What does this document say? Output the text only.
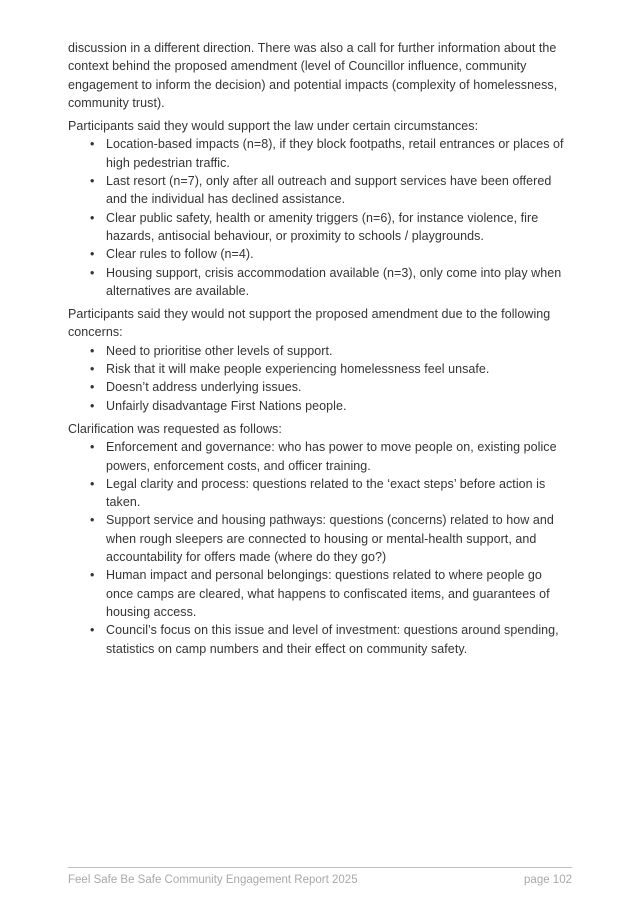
discussion in a different direction. There was also a call for further information about the context behind the proposed amendment (level of Councillor influence, community engagement to inform the decision) and potential impacts (complexity of homelessness, community trust).

Participants said they would support the law under certain circumstances:

• Location-based impacts (n=8), if they block footpaths, retail entrances or places of high pedestrian traffic.
• Last resort (n=7), only after all outreach and support services have been offered and the individual has declined assistance.
• Clear public safety, health or amenity triggers (n=6), for instance violence, fire hazards, antisocial behaviour, or proximity to schools / playgrounds.
• Clear rules to follow (n=4).
• Housing support, crisis accommodation available (n=3), only come into play when alternatives are available.

Participants said they would not support the proposed amendment due to the following concerns:

• Need to prioritise other levels of support.
• Risk that it will make people experiencing homelessness feel unsafe.
• Doesn’t address underlying issues.
• Unfairly disadvantage First Nations people.

Clarification was requested as follows:

• Enforcement and governance: who has power to move people on, existing police powers, enforcement costs, and officer training.
• Legal clarity and process: questions related to the ‘exact steps’ before action is taken.
• Support service and housing pathways: questions (concerns) related to how and when rough sleepers are connected to housing or mental-health support, and accountability for offers made (where do they go?)
• Human impact and personal belongings: questions related to where people go once camps are cleared, what happens to confiscated items, and guarantees of housing access.
• Council’s focus on this issue and level of investment: questions around spending, statistics on camp numbers and their effect on community safety.
Feel Safe Be Safe Community Engagement Report 2025	page 102
